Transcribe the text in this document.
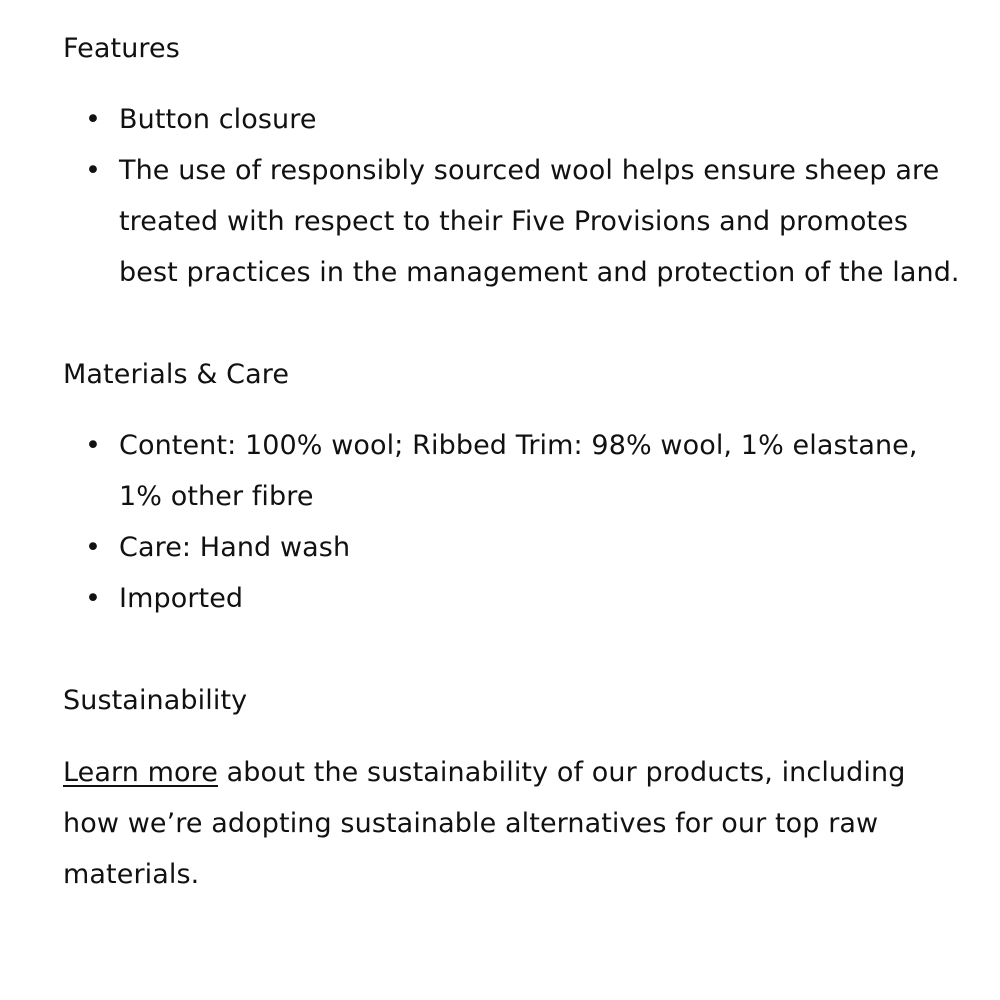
Features
• Button closure
• The use of responsibly sourced wool helps ensure sheep are treated with respect to their Five Provisions and promotes best practices in the management and protection of the land.
Materials & Care
• Content: 100% wool; Ribbed Trim: 98% wool, 1% elastane, 1% other fibre
• Care: Hand wash
• Imported
Sustainability

Learn more about the sustainability of our products, including how we’re adopting sustainable alternatives for our top raw materials.
